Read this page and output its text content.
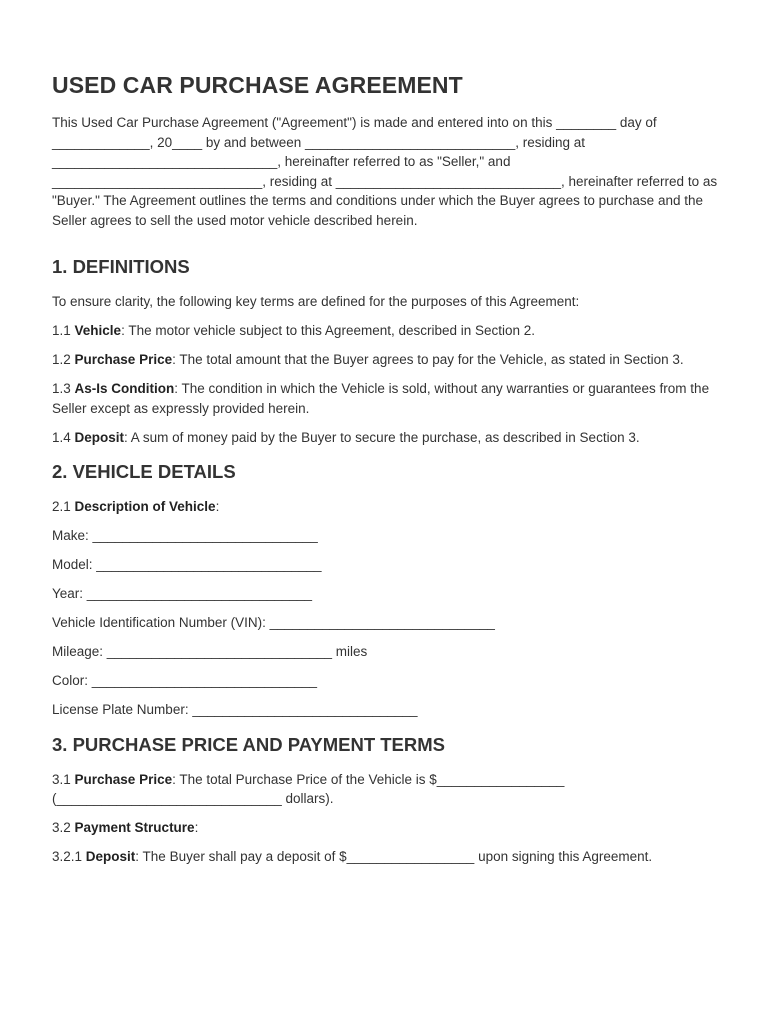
USED CAR PURCHASE AGREEMENT

This Used Car Purchase Agreement ("Agreement") is made and entered into on this ________ day of _____________, 20____ by and between ____________________________, residing at ______________________________, hereinafter referred to as "Seller," and ____________________________, residing at ______________________________, hereinafter referred to as "Buyer." The Agreement outlines the terms and conditions under which the Buyer agrees to purchase and the Seller agrees to sell the used motor vehicle described herein.

1. DEFINITIONS

To ensure clarity, the following key terms are defined for the purposes of this Agreement:

1.1 Vehicle: The motor vehicle subject to this Agreement, described in Section 2.

1.2 Purchase Price: The total amount that the Buyer agrees to pay for the Vehicle, as stated in Section 3.

1.3 As-Is Condition: The condition in which the Vehicle is sold, without any warranties or guarantees from the Seller except as expressly provided herein.

1.4 Deposit: A sum of money paid by the Buyer to secure the purchase, as described in Section 3.

2. VEHICLE DETAILS

2.1 Description of Vehicle:

Make: ______________________________

Model: ______________________________

Year: ______________________________

Vehicle Identification Number (VIN): ______________________________

Mileage: ______________________________ miles

Color: ______________________________

License Plate Number: ______________________________

3. PURCHASE PRICE AND PAYMENT TERMS

3.1 Purchase Price: The total Purchase Price of the Vehicle is $_________________ (______________________________ dollars).

3.2 Payment Structure:

3.2.1 Deposit: The Buyer shall pay a deposit of $_________________ upon signing this Agreement.
